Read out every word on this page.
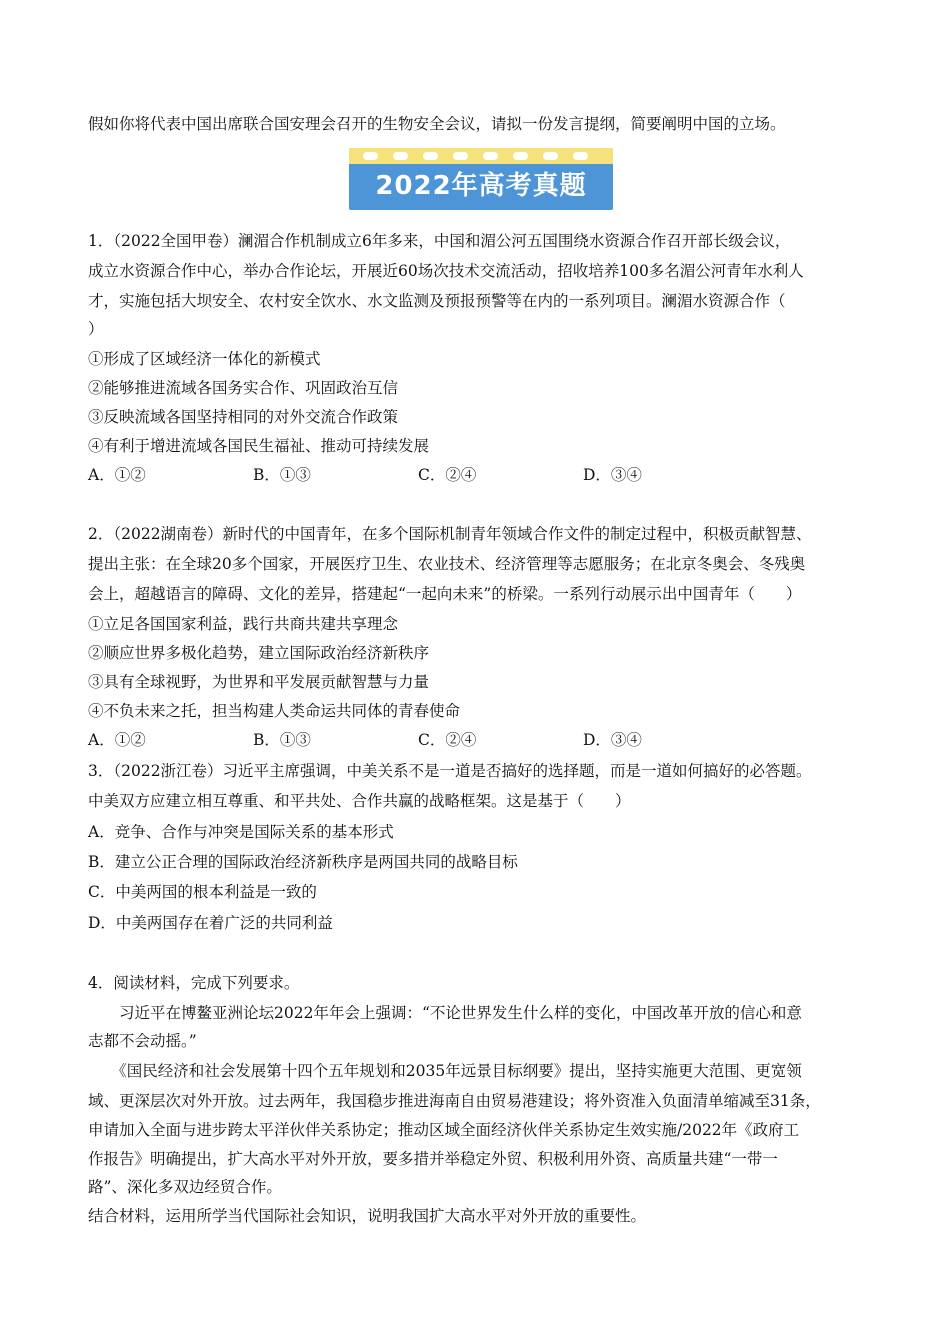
假如你将代表中国出席联合国安理会召开的生物安全会议，请拟一份发言提纲，简要阐明中国的立场。
2022年高考真题
1．（2022全国甲卷）澜湄合作机制成立6年多来，中国和湄公河五国围绕水资源合作召开部长级会议，
成立水资源合作中心，举办合作论坛，开展近60场次技术交流活动，招收培养100多名湄公河青年水利人
才，实施包括大坝安全、农村安全饮水、水文监测及预报预警等在内的一系列项目。澜湄水资源合作（
）
①形成了区域经济一体化的新模式
②能够推进流域各国务实合作、巩固政治互信
③反映流域各国坚持相同的对外交流合作政策
④有利于增进流域各国民生福祉、推动可持续发展
A．①②	B．①③	C．②④	D．③④
2．（2022湖南卷）新时代的中国青年，在多个国际机制青年领域合作文件的制定过程中，积极贡献智慧、
提出主张：在全球20多个国家，开展医疗卫生、农业技术、经济管理等志愿服务；在北京冬奥会、冬残奥
会上，超越语言的障碍、文化的差异，搭建起“一起向未来”的桥梁。一系列行动展示出中国青年（　　）
①立足各国国家利益，践行共商共建共享理念
②顺应世界多极化趋势，建立国际政治经济新秩序
③具有全球视野，为世界和平发展贡献智慧与力量
④不负未来之托，担当构建人类命运共同体的青春使命
A．①②	B．①③	C．②④	D．③④
3．（2022浙江卷）习近平主席强调，中美关系不是一道是否搞好的选择题，而是一道如何搞好的必答题。
中美双方应建立相互尊重、和平共处、合作共赢的战略框架。这是基于（　　）
A．竞争、合作与冲突是国际关系的基本形式
B．建立公正合理的国际政治经济新秩序是两国共同的战略目标
C．中美两国的根本利益是一致的
D．中美两国存在着广泛的共同利益
4．阅读材料，完成下列要求。
　　习近平在博鳌亚洲论坛2022年年会上强调：“不论世界发生什么样的变化，中国改革开放的信心和意
志都不会动摇。”
　　《国民经济和社会发展第十四个五年规划和2035年远景目标纲要》提出，坚持实施更大范围、更宽领
域、更深层次对外开放。过去两年，我国稳步推进海南自由贸易港建设；将外资准入负面清单缩减至31条，
申请加入全面与进步跨太平洋伙伴关系协定；推动区域全面经济伙伴关系协定生效实施/2022年《政府工
作报告》明确提出，扩大高水平对外开放，要多措并举稳定外贸、积极利用外资、高质量共建“一带一
路”、深化多双边经贸合作。
结合材料，运用所学当代国际社会知识，说明我国扩大高水平对外开放的重要性。
